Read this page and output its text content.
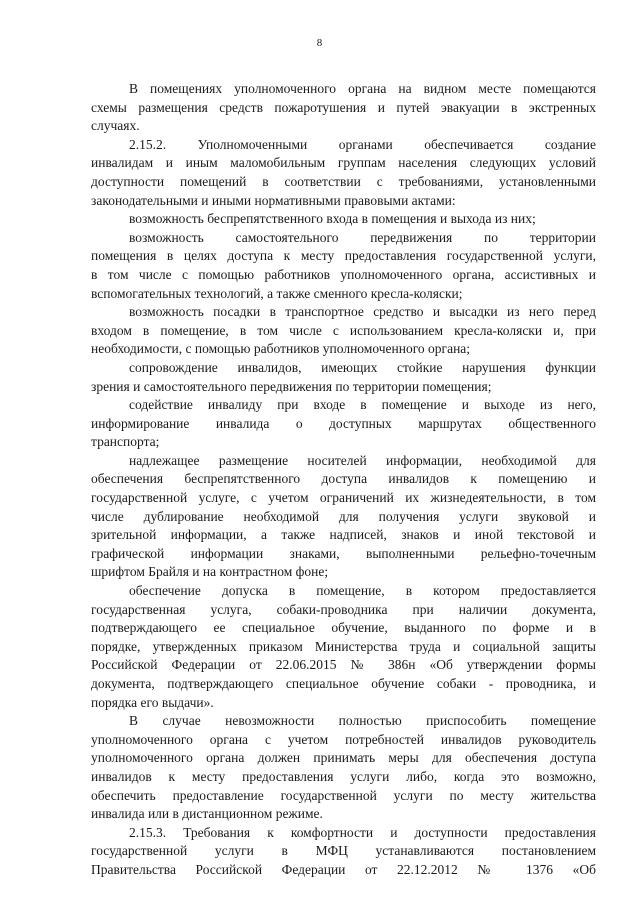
8
В помещениях уполномоченного органа на видном месте помещаются
схемы размещения средств пожаротушения и путей эвакуации в экстренных
случаях.
2.15.2. Уполномоченными органами обеспечивается создание
инвалидам и иным маломобильным группам населения следующих условий
доступности помещений в соответствии с требованиями, установленными
законодательными и иными нормативными правовыми актами:
возможность беспрепятственного входа в помещения и выхода из них;
возможность самостоятельного передвижения по территории
помещения в целях доступа к месту предоставления государственной услуги,
в том числе с помощью работников уполномоченного органа, ассистивных и
вспомогательных технологий, а также сменного кресла-коляски;
возможность посадки в транспортное средство и высадки из него перед
входом в помещение, в том числе с использованием кресла-коляски и, при
необходимости, с помощью работников уполномоченного органа;
сопровождение инвалидов, имеющих стойкие нарушения функции
зрения и самостоятельного передвижения по территории помещения;
содействие инвалиду при входе в помещение и выходе из него,
информирование инвалида о доступных маршрутах общественного
транспорта;
надлежащее размещение носителей информации, необходимой для
обеспечения беспрепятственного доступа инвалидов к помещению и
государственной услуге, с учетом ограничений их жизнедеятельности, в том
числе дублирование необходимой для получения услуги звуковой и
зрительной информации, а также надписей, знаков и иной текстовой и
графической информации знаками, выполненными рельефно-точечным
шрифтом Брайля и на контрастном фоне;
обеспечение допуска в помещение, в котором предоставляется
государственная услуга, собаки-проводника при наличии документа,
подтверждающего ее специальное обучение, выданного по форме и в
порядке, утвержденных приказом Министерства труда и социальной защиты
Российской Федерации от 22.06.2015 № 386н «Об утверждении формы
документа, подтверждающего специальное обучение собаки - проводника, и
порядка его выдачи».
В случае невозможности полностью приспособить помещение
уполномоченного органа с учетом потребностей инвалидов руководитель
уполномоченного органа должен принимать меры для обеспечения доступа
инвалидов к месту предоставления услуги либо, когда это возможно,
обеспечить предоставление государственной услуги по месту жительства
инвалида или в дистанционном режиме.
2.15.3. Требования к комфортности и доступности предоставления
государственной услуги в МФЦ устанавливаются постановлением
Правительства Российской Федерации от 22.12.2012 № 1376 «Об
